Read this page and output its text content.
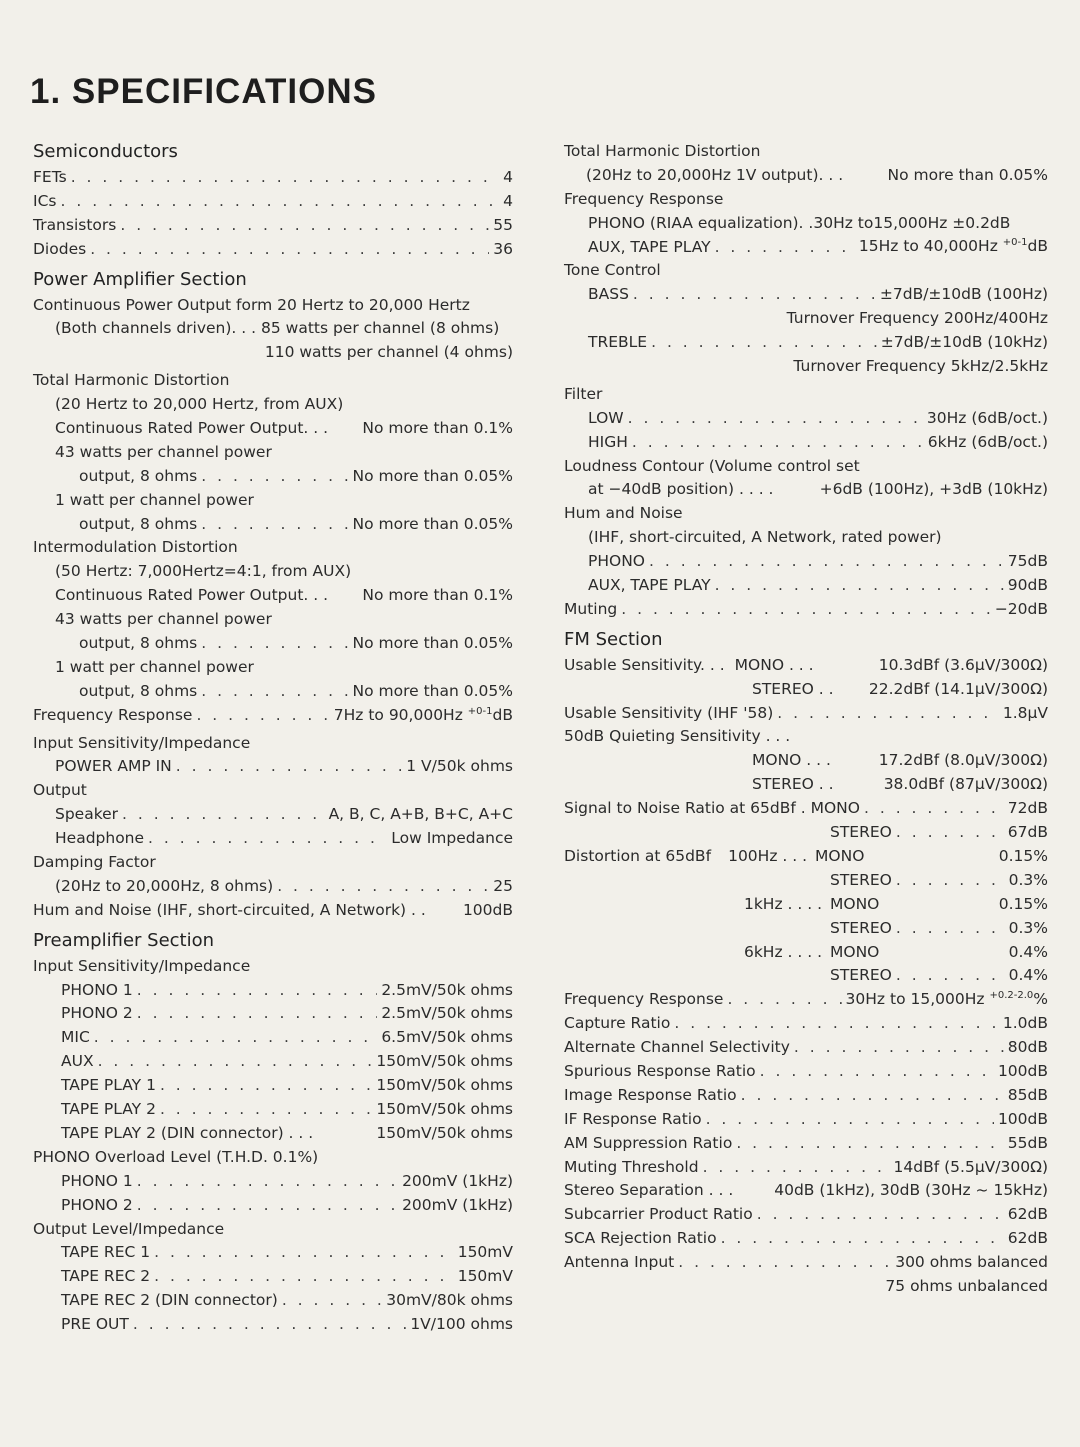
1. SPECIFICATIONS
Semiconductors
FETs . . .	4
ICs . . .	4
Transistors . . .	55
Diodes . . .	36
Power Amplifier Section
Continuous Power Output form 20 Hertz to 20,000 Hertz
(Both channels driven). . . 85 watts per channel (8 ohms)
110 watts per channel (4 ohms)
Total Harmonic Distortion
(20 Hertz to 20,000 Hertz, from AUX)
Continuous Rated Power Output. . .	No more than 0.1%
43 watts per channel power
output, 8 ohms . . .	No more than 0.05%
1 watt per channel power
output, 8 ohms . . .	No more than 0.05%
Intermodulation Distortion
(50 Hertz: 7,000Hertz=4:1, from AUX)
Continuous Rated Power Output. . .	No more than 0.1%
43 watts per channel power
output, 8 ohms . . .	No more than 0.05%
1 watt per channel power
output, 8 ohms . . .	No more than 0.05%
Frequency Response . . .	7Hz to 90,000Hz $^{+0-1}$dB
Input Sensitivity/Impedance
POWER AMP IN . . .	1 V/50k ohms
Output
Speaker . . .	A, B, C, A+B, B+C, A+C
Headphone . . .	Low Impedance
Damping Factor
(20Hz to 20,000Hz, 8 ohms) . . .	25
Hum and Noise (IHF, short-circuited, A Network) . .	100dB
Preamplifier Section
Input Sensitivity/Impedance
PHONO 1 . . .	2.5mV/50k ohms
PHONO 2 . . .	2.5mV/50k ohms
MIC . . .	6.5mV/50k ohms
AUX . . .	150mV/50k ohms
TAPE PLAY 1 . . .	150mV/50k ohms
TAPE PLAY 2 . . .	150mV/50k ohms
TAPE PLAY 2 (DIN connector) . . .	150mV/50k ohms
PHONO Overload Level (T.H.D. 0.1%)
PHONO 1 . . .	200mV (1kHz)
PHONO 2 . . .	200mV (1kHz)
Output Level/Impedance
TAPE REC 1 . . .	150mV
TAPE REC 2 . . .	150mV
TAPE REC 2 (DIN connector) . . .	30mV/80k ohms
PRE OUT . . .	1V/100 ohms
Total Harmonic Distortion
(20Hz to 20,000Hz 1V output). . .	No more than 0.05%
Frequency Response
PHONO (RIAA equalization). .30Hz to15,000Hz ±0.2dB
AUX, TAPE PLAY . . .	15Hz to 40,000Hz $^{+0-1}$dB
Tone Control
BASS . . .	±7dB/±10dB (100Hz)
Turnover Frequency 200Hz/400Hz
TREBLE . . .	±7dB/±10dB (10kHz)
Turnover Frequency 5kHz/2.5kHz
Filter
LOW . . .	30Hz (6dB/oct.)
HIGH . . .	6kHz (6dB/oct.)
Loudness Contour (Volume control set
at −40dB position) . . . .	+6dB (100Hz), +3dB (10kHz)
Hum and Noise
(IHF, short-circuited, A Network, rated power)
PHONO . . .	75dB
AUX, TAPE PLAY . . .	90dB
Muting . . .	−20dB
FM Section
Usable Sensitivity. . . MONO . . .	10.3dBf (3.6μV/300Ω)
STEREO . .	22.2dBf (14.1μV/300Ω)
Usable Sensitivity (IHF '58) . . .	1.8μV
50dB Quieting Sensitivity . . .
MONO . . .	17.2dBf (8.0μV/300Ω)
STEREO . .	38.0dBf (87μV/300Ω)
Signal to Noise Ratio at 65dBf . MONO . . .	72dB
STEREO . . .	67dB
Distortion at 65dBf	100Hz . . . MONO	0.15%
STEREO . . .	0.3%
1kHz . . . . MONO	0.15%
STEREO . . .	0.3%
6kHz . . . . MONO	0.4%
STEREO . . .	0.4%
Frequency Response . . .	30Hz to 15,000Hz $^{+0.2-2.0}$%
Capture Ratio . . .	1.0dB
Alternate Channel Selectivity . . .	80dB
Spurious Response Ratio . . .	100dB
Image Response Ratio . . .	85dB
IF Response Ratio . . .	100dB
AM Suppression Ratio . . .	55dB
Muting Threshold . . .	14dBf (5.5μV/300Ω)
Stereo Separation . . .	40dB (1kHz), 30dB (30Hz ~ 15kHz)
Subcarrier Product Ratio . . .	62dB
SCA Rejection Ratio . . .	62dB
Antenna Input . . .	300 ohms balanced
75 ohms unbalanced
